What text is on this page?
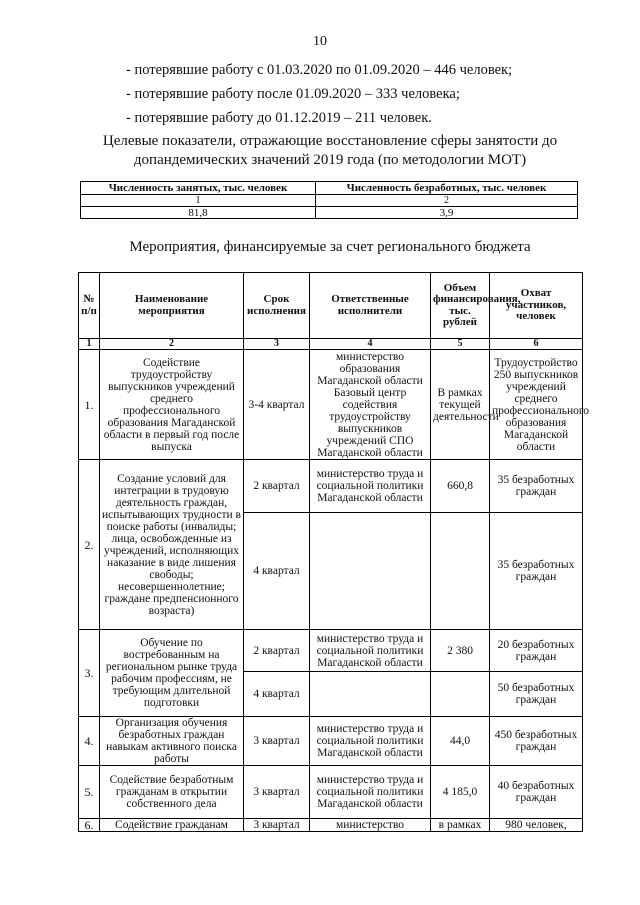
10
- потерявшие работу с 01.03.2020 по 01.09.2020 – 446 человек;
- потерявшие работу после 01.09.2020 – 333 человека;
- потерявшие работу до 01.12.2019 – 211 человек.
Целевые показатели, отражающие восстановление сферы занятости до допандемических значений 2019 года (по методологии МОТ)
Численность занятых, тыс. человек	Численность безработных, тыс. человек
1	2
81,8	3,9
Мероприятия, финансируемые за счет регионального бюджета
№ п/п	Наименование мероприятия	Срок исполнения	Ответственные исполнители	Объем финансирования, тыс. рублей	Охват участников, человек
1	2	3	4	5	6
1.	Содействие трудоустройству выпускников учреждений среднего профессионального образования Магаданской области в первый год после выпуска	3-4 квартал	министерство образования Магаданской области Базовый центр содействия трудоустройству выпускников учреждений СПО Магаданской области	В рамках текущей деятельности	Трудоустройство 250 выпускников учреждений среднего профессионального образования Магаданской области
2.	Создание условий для интеграции в трудовую деятельность граждан, испытывающих трудности в поиске работы (инвалиды; лица, освобожденные из учреждений, исполняющих наказание в виде лишения свободы; несовершеннолетние; граждане предпенсионного возраста)	2 квартал	министерство труда и социальной политики Магаданской области	660,8	35 безработных граждан
		4 квартал			35 безработных граждан
3.	Обучение по востребованным на региональном рынке труда рабочим профессиям, не требующим длительной подготовки	2 квартал	министерство труда и социальной политики Магаданской области	2 380	20 безработных граждан
		4 квартал			50 безработных граждан
4.	Организация обучения безработных граждан навыкам активного поиска работы	3 квартал	министерство труда и социальной политики Магаданской области	44,0	450 безработных граждан
5.	Содействие безработным гражданам в открытии собственного дела	3 квартал	министерство труда и социальной политики Магаданской области	4 185,0	40 безработных граждан
6.	Содействие гражданам	3 квартал	министерство	в рамках	980 человек,
